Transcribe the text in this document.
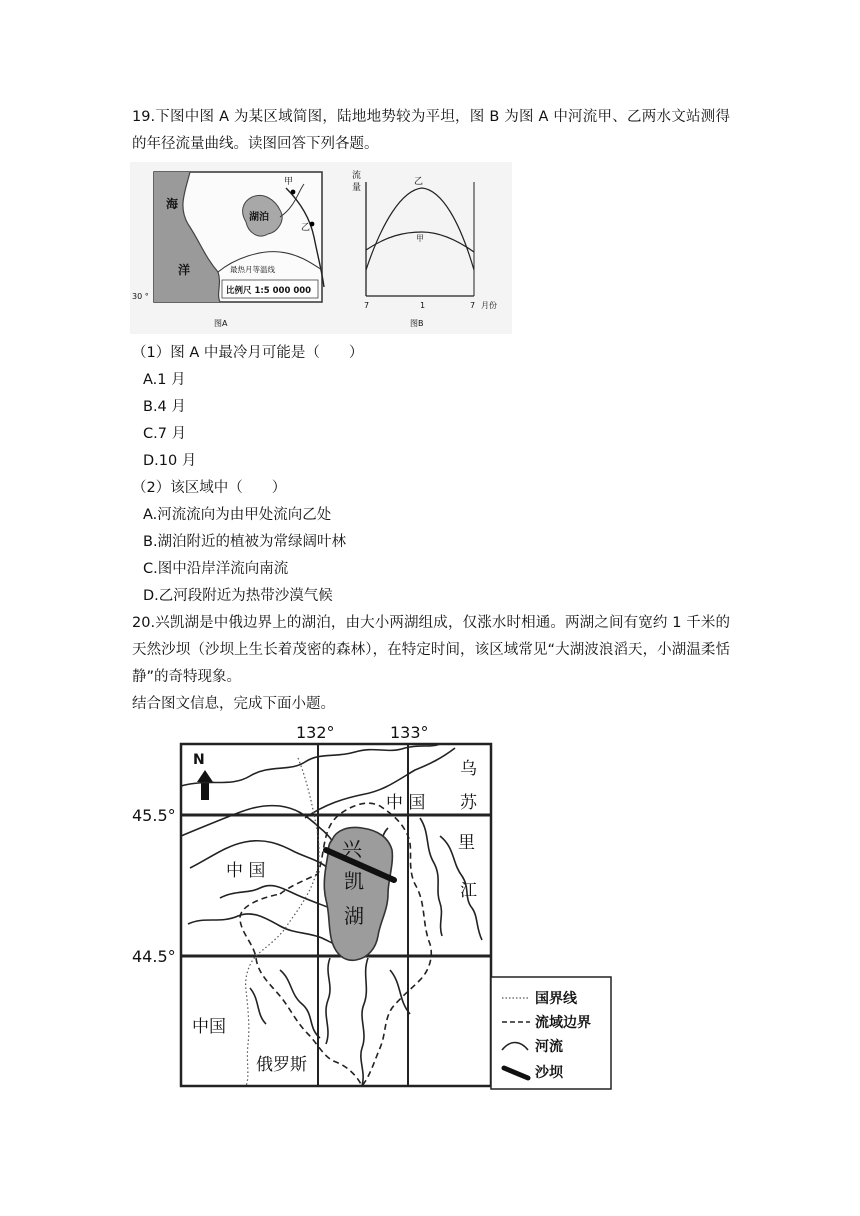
19.下图中图 A 为某区域简图，陆地地势较为平坦，图 B 为图 A 中河流甲、乙两水文站测得的年径流量曲线。读图回答下列各题。
海
洋
湖泊
甲
乙
最热月等温线
比例尺 1:5 000 000
30 °
图A
流
量
乙
甲
7	1	7 月份
图B
（1）图 A 中最冷月可能是（　　）
A.1 月
B.4 月
C.7 月
D.10 月
（2）该区域中（　　）
A.河流流向为由甲处流向乙处
B.湖泊附近的植被为常绿阔叶林
C.图中沿岸洋流向南流
D.乙河段附近为热带沙漠气候
20.兴凯湖是中俄边界上的湖泊，由大小两湖组成，仅涨水时相通。两湖之间有宽约 1 千米的天然沙坝（沙坝上生长着茂密的森林），在特定时间，该区域常见“大湖波浪滔天，小湖温柔恬静”的奇特现象。
结合图文信息，完成下面小题。
132°	133°
45.5°
44.5°
N
兴
凯
湖
中 国
中 国
中国
俄罗斯
乌
苏
里
江
国界线
流域边界
河流
沙坝
